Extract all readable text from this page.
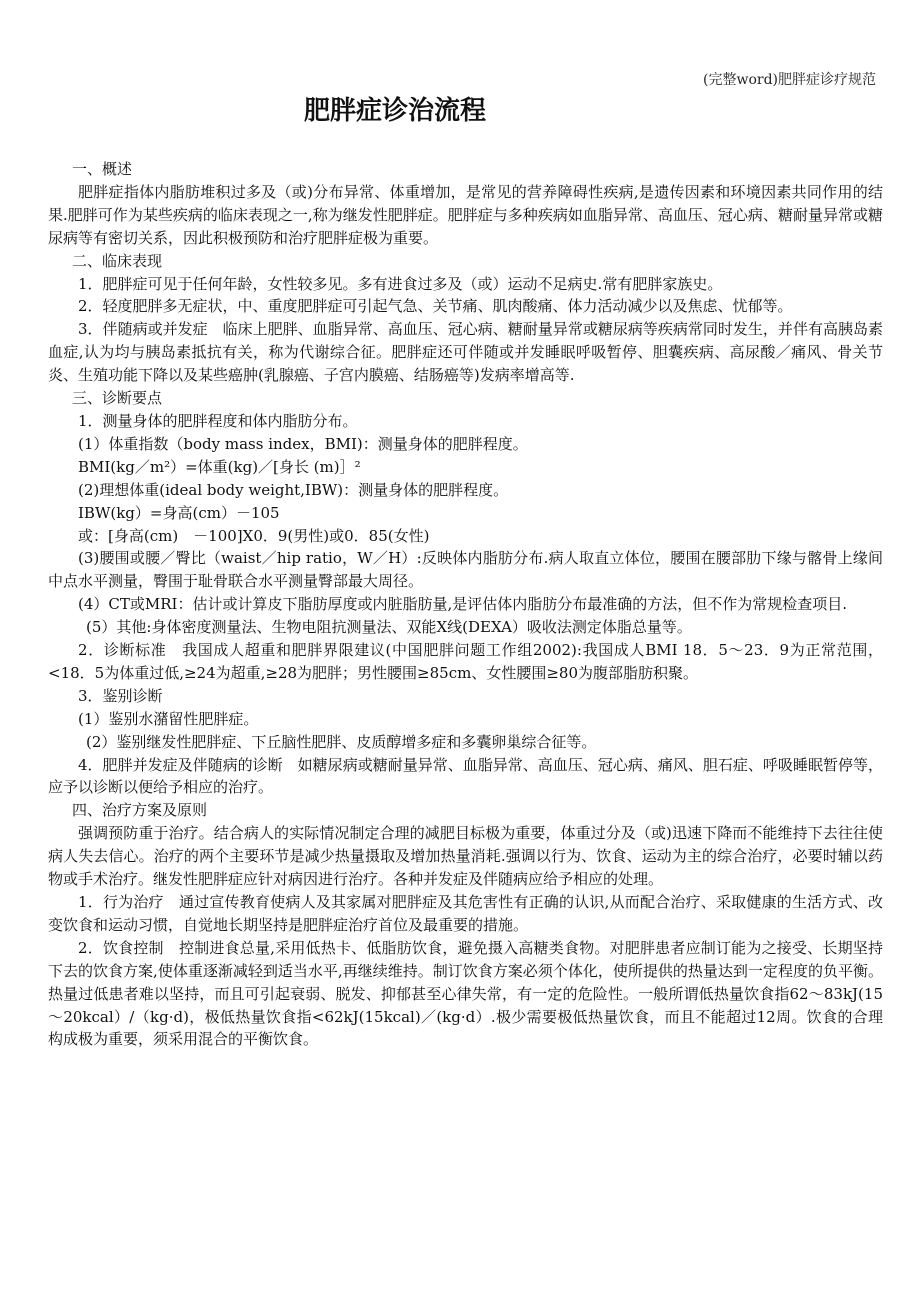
(完整word)肥胖症诊疗规范
肥胖症诊治流程

一、概述

肥胖症指体内脂肪堆积过多及（或)分布异常、体重增加，是常见的营养障碍性疾病,是遗传因素和环境因素共同作用的结果.肥胖可作为某些疾病的临床表现之一,称为继发性肥胖症。肥胖症与多种疾病如血脂异常、高血压、冠心病、糖耐量异常或糖尿病等有密切关系，因此积极预防和治疗肥胖症极为重要。

二、临床表现

1．肥胖症可见于任何年龄，女性较多见。多有进食过多及（或）运动不足病史.常有肥胖家族史。

2．轻度肥胖多无症状，中、重度肥胖症可引起气急、关节痛、肌肉酸痛、体力活动减少以及焦虑、忧郁等。

3．伴随病或并发症　临床上肥胖、血脂异常、高血压、冠心病、糖耐量异常或糖尿病等疾病常同时发生，并伴有高胰岛素血症,认为均与胰岛素抵抗有关，称为代谢综合征。肥胖症还可伴随或并发睡眠呼吸暂停、胆囊疾病、高尿酸／痛风、骨关节炎、生殖功能下降以及某些癌肿(乳腺癌、子宫内膜癌、结肠癌等)发病率增高等.

三、诊断要点

1．测量身体的肥胖程度和体内脂肪分布。

(1）体重指数（body mass index，BMI)：测量身体的肥胖程度。

BMI(kg／m²）=体重(kg)／[身长 (m)］²

(2)理想体重(ideal body weight,IBW)：测量身体的肥胖程度。

IBW(kg）=身高(cm）－105

或：[身高(cm)　－100]X0．9(男性)或0．85(女性)

(3)腰围或腰／臀比（waist／hip ratio，W／H）:反映体内脂肪分布.病人取直立体位，腰围在腰部肋下缘与髂骨上缘间中点水平测量，臀围于耻骨联合水平测量臀部最大周径。

(4）CT或MRI：估计或计算皮下脂肪厚度或内脏脂肪量,是评估体内脂肪分布最准确的方法，但不作为常规检查项目.

(5）其他:身体密度测量法、生物电阻抗测量法、双能X线(DEXA）吸收法测定体脂总量等。

2．诊断标准　我国成人超重和肥胖界限建议(中国肥胖问题工作组2002):我国成人BMI 18．5～23．9为正常范围，<18．5为体重过低,≥24为超重,≥28为肥胖；男性腰围≥85cm、女性腰围≥80为腹部脂肪积聚。

3．鉴别诊断

(1）鉴别水潴留性肥胖症。

(2）鉴别继发性肥胖症、下丘脑性肥胖、皮质醇增多症和多囊卵巢综合征等。

4．肥胖并发症及伴随病的诊断　如糖尿病或糖耐量异常、血脂异常、高血压、冠心病、痛风、胆石症、呼吸睡眠暂停等，应予以诊断以便给予相应的治疗。

四、治疗方案及原则

强调预防重于治疗。结合病人的实际情况制定合理的减肥目标极为重要，体重过分及（或)迅速下降而不能维持下去往往使病人失去信心。治疗的两个主要环节是减少热量摄取及增加热量消耗.强调以行为、饮食、运动为主的综合治疗，必要时辅以药物或手术治疗。继发性肥胖症应针对病因进行治疗。各种并发症及伴随病应给予相应的处理。

1．行为治疗　通过宣传教育使病人及其家属对肥胖症及其危害性有正确的认识,从而配合治疗、采取健康的生活方式、改变饮食和运动习惯，自觉地长期坚持是肥胖症治疗首位及最重要的措施。

2．饮食控制　控制进食总量,采用低热卡、低脂肪饮食，避免摄入高糖类食物。对肥胖患者应制订能为之接受、长期坚持下去的饮食方案,使体重逐渐减轻到适当水平,再继续维持。制订饮食方案必须个体化，使所提供的热量达到一定程度的负平衡。热量过低患者难以坚持，而且可引起衰弱、脱发、抑郁甚至心律失常，有一定的危险性。一般所谓低热量饮食指62～83kJ(15～20kcal）/（kg·d)，极低热量饮食指<62kJ(15kcal)／(kg·d）.极少需要极低热量饮食，而且不能超过12周。饮食的合理构成极为重要，须采用混合的平衡饮食。
